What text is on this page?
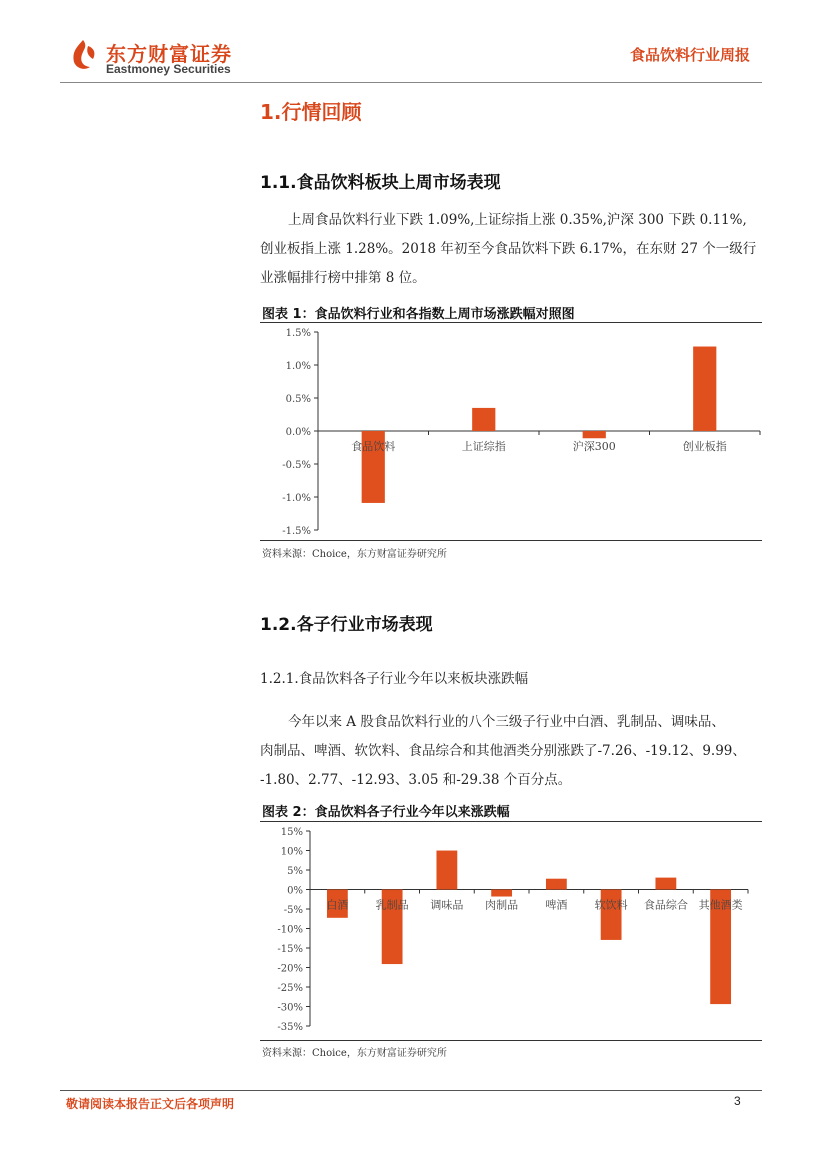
东方财富证券
Eastmoney Securities
食品饮料行业周报
1.行情回顾
1.1.食品饮料板块上周市场表现
上周食品饮料行业下跌 1.09%,上证综指上涨 0.35%,沪深 300 下跌 0.11%,
创业板指上涨 1.28%。2018 年初至今食品饮料下跌 6.17%，在东财 27 个一级行
业涨幅排行榜中排第 8 位。
图表 1：食品饮料行业和各指数上周市场涨跌幅对照图
1.5%
1.0%
0.5%
0.0%
-0.5%
-1.0%
-1.5%
食品饮料	上证综指	沪深300	创业板指
资料来源：Choice，东方财富证券研究所
1.2.各子行业市场表现
1.2.1.食品饮料各子行业今年以来板块涨跌幅
今年以来 A 股食品饮料行业的八个三级子行业中白酒、乳制品、调味品、
肉制品、啤酒、软饮料、食品综合和其他酒类分别涨跌了-7.26、-19.12、9.99、
-1.80、2.77、-12.93、3.05 和-29.38 个百分点。
图表 2：食品饮料各子行业今年以来涨跌幅
15%
10%
5%
0%
-5%
-10%
-15%
-20%
-25%
-30%
-35%
白酒 乳制品 调味品 肉制品 啤酒 软饮料 食品综合 其他酒类
资料来源：Choice，东方财富证券研究所
敬请阅读本报告正文后各项声明	3
